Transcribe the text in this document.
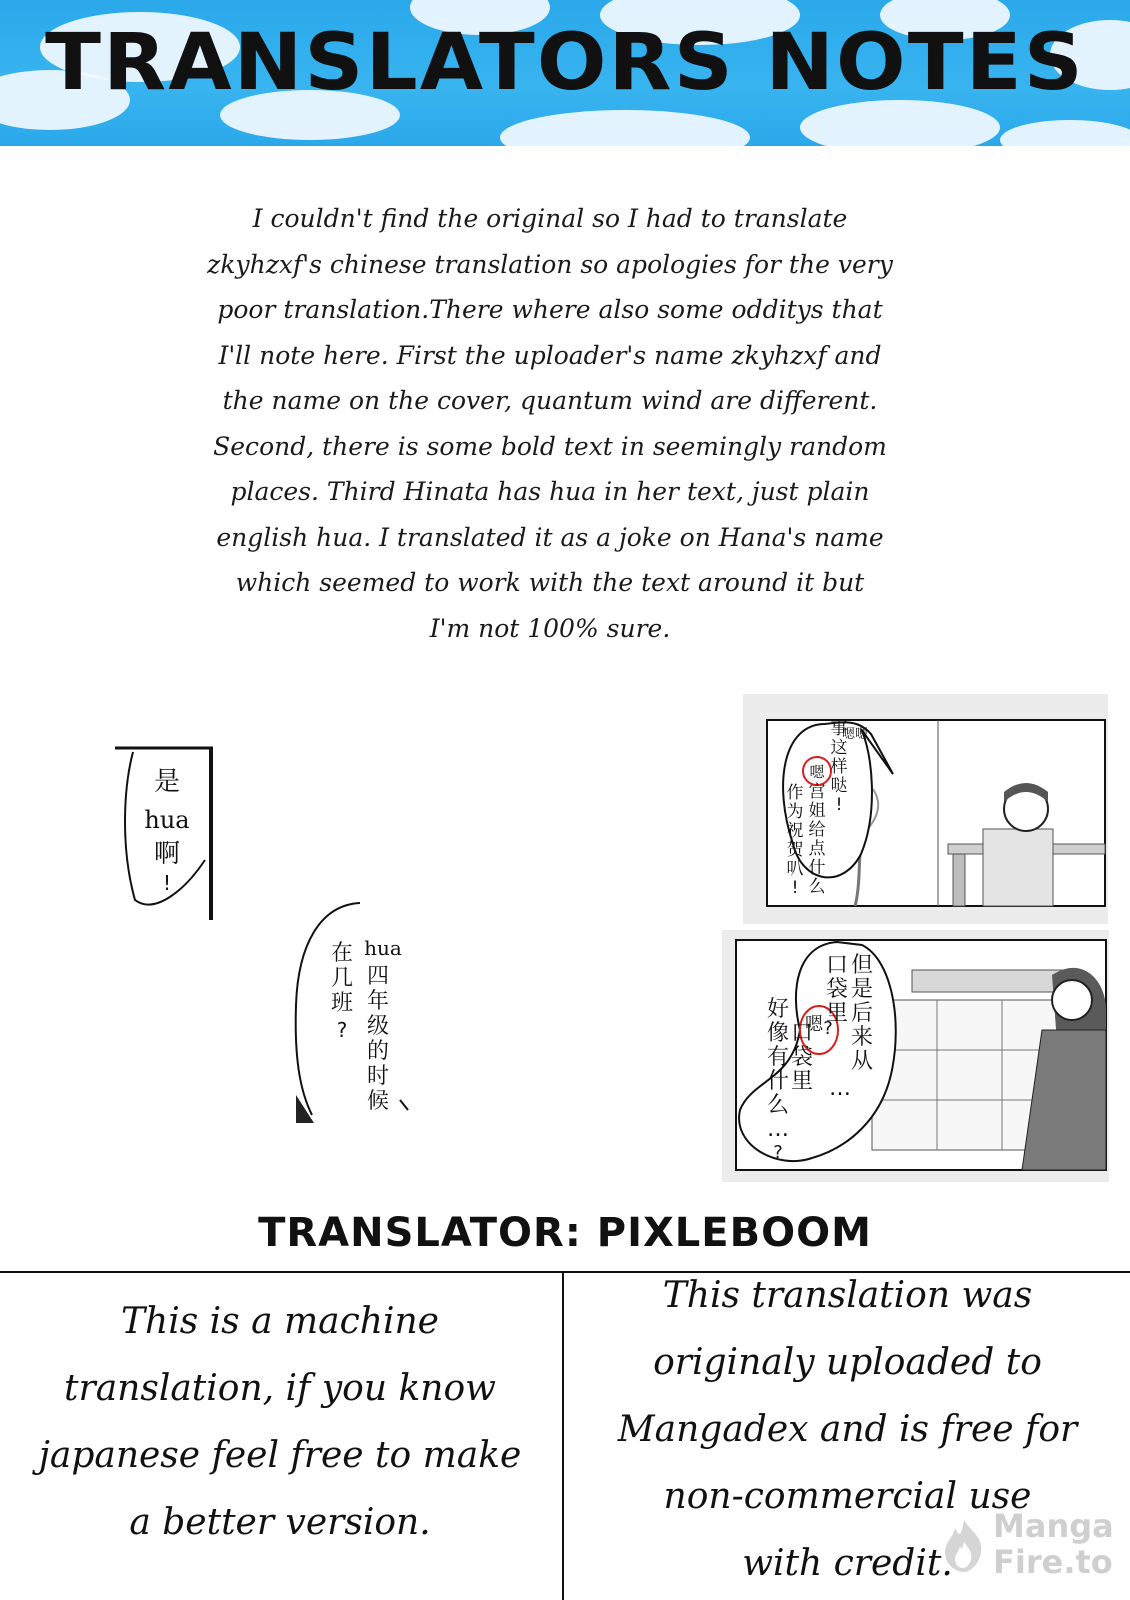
TRANSLATORS NOTES

I couldn't find the original so I had to translate
zkyhzxf's chinese translation so apologies for the very
poor translation.There where also some odditys that
I'll note here. First the uploader's name zkyhzxf and
the name on the cover, quantum wind are different.
Second, there is some bold text in seemingly random
places. Third Hinata has hua in her text, just plain
english hua. I translated it as a joke on Hana's name
which seemed to work with the text around it but
I'm not 100% sure.

是
hua
啊
!
在
几
班
?
hua
四
年
级
的
时
候
嗯嗯
事
这
样
哒
!
嗯
宫
姐
给
点
什
么
作
为
祝
贺
叭
!
但
是
后
来
从
…
口
袋
里
嗯 ?
好
像
有
什
么
…
?
口
袋
里
TRANSLATOR: PIXLEBOOM

This is a machine
translation, if you know
japanese feel free to make
a better version.

This translation was
originaly uploaded to
Mangadex and is free for
non-commercial use
with credit.

Manga
Fire.to
